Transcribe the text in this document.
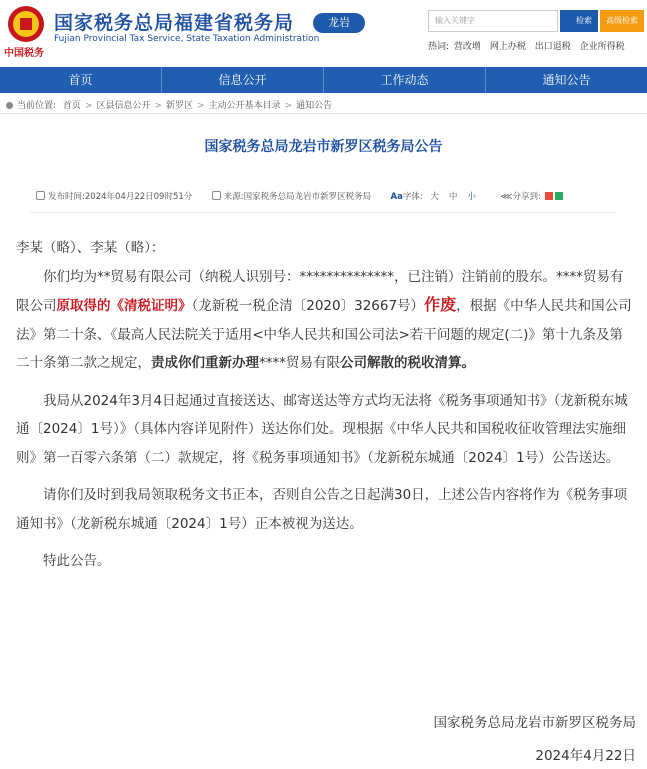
中国税务
国家税务总局福建省税务局
Fujian Provincial Tax Service, State Taxation Administration
龙岩	输入关键字	检索	高级检索
热词: 营改增 网上办税 出口退税 企业所得税
首页	信息公开	工作动态	通知公告
当前位置: 首页 > 区县信息公开 > 新罗区 > 主动公开基本目录 > 通知公告
国家税务总局龙岩市新罗区税务局公告
发布时间:2024年04月22日09时51分	来源:国家税务总局龙岩市新罗区税务局 Aa字体: 大 中 小	⋘分享到:

李某（略）、李某（略）：

你们均为**贸易有限公司（纳税人识别号：**************，已注销）注销前的股东。****贸易有限公司原取得的《清税证明》（龙新税一税企清〔2020〕32667号）作废，根据《中华人民共和国公司法》第二十条、《最高人民法院关于适用<中华人民共和国公司法>若干问题的规定(二)》第十九条及第二十条第二款之规定，责成你们重新办理****贸易有限公司解散的税收清算。

我局从2024年3月4日起通过直接送达、邮寄送达等方式均无法将《税务事项通知书》（龙新税东城通〔2024〕1号）》（具体内容详见附件）送达你们处。现根据《中华人民共和国税收征收管理法实施细则》第一百零六条第（二）款规定，将《税务事项通知书》（龙新税东城通〔2024〕1号）公告送达。

请你们及时到我局领取税务文书正本，否则自公告之日起满30日，上述公告内容将作为《税务事项通知书》（龙新税东城通〔2024〕1号）正本被视为送达。

特此公告。

国家税务总局龙岩市新罗区税务局
2024年4月22日
